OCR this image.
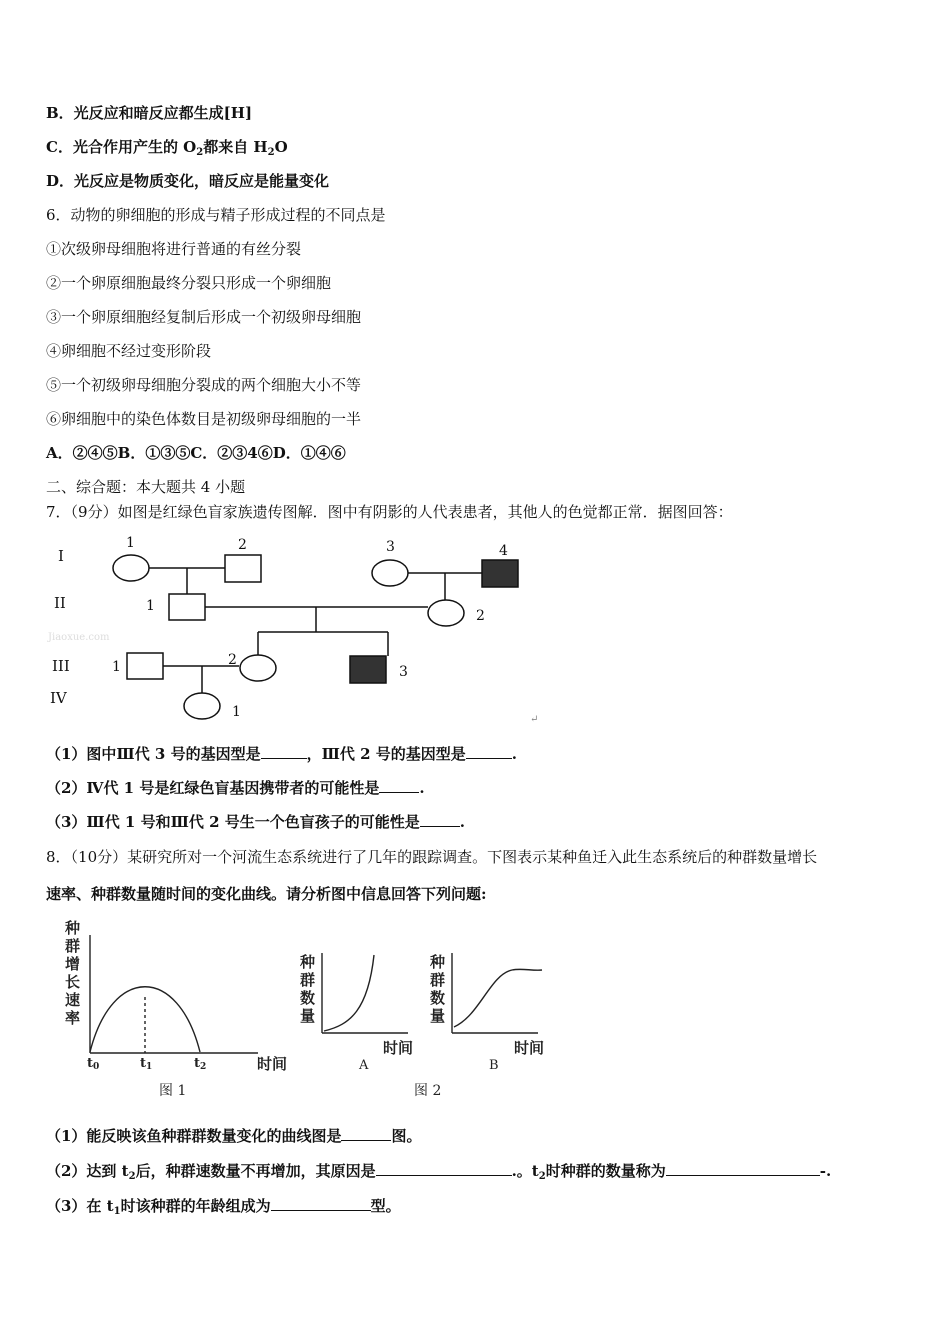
B．光反应和暗反应都生成[H]
C．光合作用产生的 $O_2$都来自 $H_2O$
D．光反应是物质变化，暗反应是能量变化
6．动物的卵细胞的形成与精子形成过程的不同点是
①次级卵母细胞将进行普通的有丝分裂
②一个卵原细胞最终分裂只形成一个卵细胞
③一个卵原细胞经复制后形成一个初级卵母细胞
④卵细胞不经过变形阶段
⑤一个初级卵母细胞分裂成的两个细胞大小不等
⑥卵细胞中的染色体数目是初级卵母细胞的一半
A．②④⑤B．①③⑤C．②③4⑥D．①④⑥
二、综合题：本大题共 4 小题
7．（9分）如图是红绿色盲家族遗传图解．图中有阴影的人代表患者，其他人的色觉都正常．据图回答：
I
II
III
IV
Jiaoxue.com
1	2	3	4
1
2
1	2
3
1	↵
（1）图中Ⅲ代 3 号的基因型是	，Ⅲ代 2 号的基因型是	.
（2）Ⅳ代 1 号是红绿色盲基因携带者的可能性是	.
（3）Ⅲ代 1 号和Ⅲ代 2 号生一个色盲孩子的可能性是	.
8．（10分）某研究所对一个河流生态系统进行了几年的跟踪调查。下图表示某种鱼迁入此生态系统后的种群数量增长
速率、种群数量随时间的变化曲线。请分析图中信息回答下列问题:
种
群
增
长
速
率
t0	t1	t2	时间
图 1
种
群
数
量
时间
A
图 2
种
群
数
量
时间
B
（1）能反映该鱼种群群数量变化的曲线图是	图。
（2）达到 $t_2$后，种群速数量不再增加，其原因是	.。$t_2$时种群的数量称为	-.
（3）在 $t_1$时该种群的年龄组成为	型。
